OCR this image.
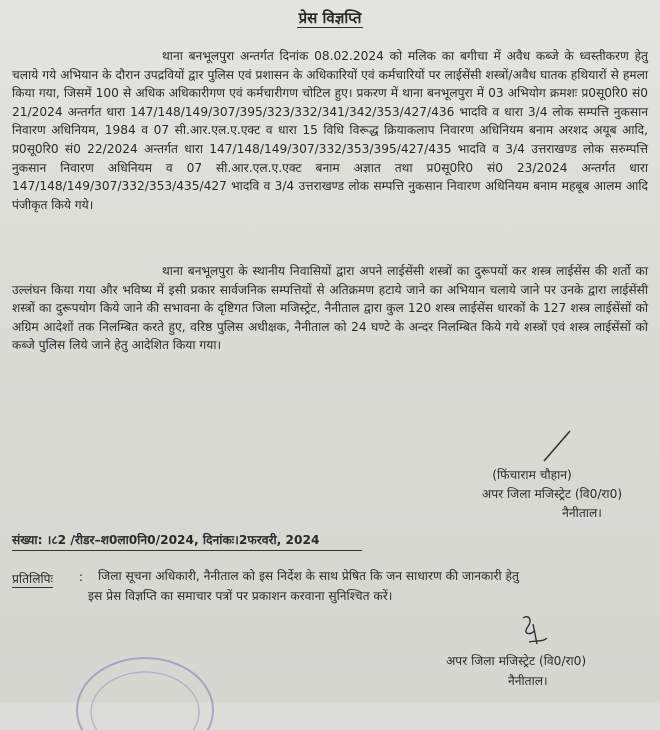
प्रेस विज्ञप्ति

थाना बनभूलपुरा अन्तर्गत दिनांक 08.02.2024 को मलिक का बगीचा में अवैध कब्जे के ध्वस्तीकरण हेतु चलाये गये अभियान के दौरान उपद्रवियों द्वार पुलिस एवं प्रशासन के अधिकारियों एवं कर्मचारियों पर लाईसेंसी शस्त्रों/अवैध घातक हथियारों से हमला किया गया, जिसमें 100 से अधिक अधिकारीगण एवं कर्मचारीगण चोटिल हुए। प्रकरण में थाना बनभूलपुरा में 03 अभियोग क्रमशः प्र0सू0रि0 सं0 21/2024 अन्तर्गत धारा 147/148/149/307/395/323/332/341/342/353/427/436 भादवि व धारा 3/4 लोक सम्पत्ति नुकसान निवारण अधिनियम, 1984 व 07 सी.आर.एल.ए.एक्ट व धारा 15 विधि विरूद्ध क्रियाकलाप निवारण अधिनियम बनाम अरशद अयूब आदि, प्र0सू0रि0 सं0 22/2024 अन्तर्गत धारा 147/148/149/307/332/353/395/427/435 भादवि व 3/4 उत्तराखण्ड लोक सरुम्पत्ति नुकसान निवारण अधिनियम व 07 सी.आर.एल.ए.एक्ट बनाम अज्ञात तथा प्र0सू0रि0 सं0 23/2024 अन्तर्गत धारा 147/148/149/307/332/353/435/427 भादवि व 3/4 उत्तराखण्ड लोक सम्पत्ति नुकसान निवारण अधिनियम बनाम महबूब आलम आदि पंजीकृत किये गये।

थाना बनभूलपुरा के स्थानीय निवासियों द्वारा अपने लाईसेंसी शस्त्रों का दुरूपयों कर शस्त्र लाईसेंस की शर्तो का उल्लंघन किया गया और भविष्य में इसी प्रकार सार्वजनिक सम्पत्तियों से अतिक्रमण हटाये जाने का अभियान चलाये जाने पर उनके द्वारा लाईसेंसी शस्त्रों का दुरूपयोग किये जाने की सभावना के दृष्टिगत जिला मजिस्ट्रेट, नैनीताल द्वारा कुल 120 शस्त्र लाईसेंस धारकों के 127 शस्त्र लाईसेंसों को अग्रिम आदेशों तक निलम्बित करते हुए, वरिष्ठ पुलिस अधीक्षक, नैनीताल को 24 घण्टे के अन्दर निलम्बित किये गये शस्त्रों एवं शस्त्र लाईसेंसों को कब्जे पुलिस लिये जाने हेतु आदेशित किया गया।

(फिंचाराम चौहान)
अपर जिला मजिस्ट्रेट (वि0/रा0)
नैनीताल।
संख्या: ।८2 /रीडर–श0ला0नि0/2024, दिनांकः।2फरवरी, 2024
प्रतिलिपिः :	जिला सूचना अधिकारी, नैनीताल को इस निर्देश के साथ प्रेषित कि जन साधारण की जानकारी हेतु
इस प्रेस विज्ञप्ति का समाचार पत्रों पर प्रकाशन करवाना सुनिश्चित करें।
अपर जिला मजिस्ट्रेट (वि0/रा0)
नैनीताल।
